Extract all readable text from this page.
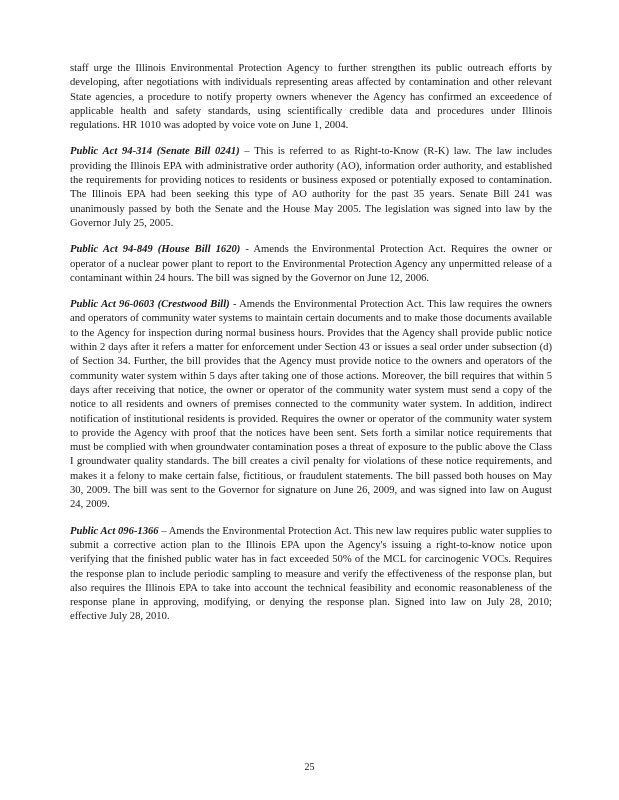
staff urge the Illinois Environmental Protection Agency to further strengthen its public outreach efforts by developing, after negotiations with individuals representing areas affected by contamination and other relevant State agencies, a procedure to notify property owners whenever the Agency has confirmed an exceedence of applicable health and safety standards, using scientifically credible data and procedures under Illinois regulations. HR 1010 was adopted by voice vote on June 1, 2004.

Public Act 94-314 (Senate Bill 0241) – This is referred to as Right-to-Know (R-K) law. The law includes providing the Illinois EPA with administrative order authority (AO), information order authority, and established the requirements for providing notices to residents or business exposed or potentially exposed to contamination. The Illinois EPA had been seeking this type of AO authority for the past 35 years. Senate Bill 241 was unanimously passed by both the Senate and the House May 2005. The legislation was signed into law by the Governor July 25, 2005.

Public Act 94-849 (House Bill 1620) - Amends the Environmental Protection Act. Requires the owner or operator of a nuclear power plant to report to the Environmental Protection Agency any unpermitted release of a contaminant within 24 hours. The bill was signed by the Governor on June 12, 2006.

Public Act 96-0603 (Crestwood Bill) - Amends the Environmental Protection Act. This law requires the owners and operators of community water systems to maintain certain documents and to make those documents available to the Agency for inspection during normal business hours. Provides that the Agency shall provide public notice within 2 days after it refers a matter for enforcement under Section 43 or issues a seal order under subsection (d) of Section 34. Further, the bill provides that the Agency must provide notice to the owners and operators of the community water system within 5 days after taking one of those actions. Moreover, the bill requires that within 5 days after receiving that notice, the owner or operator of the community water system must send a copy of the notice to all residents and owners of premises connected to the community water system. In addition, indirect notification of institutional residents is provided. Requires the owner or operator of the community water system to provide the Agency with proof that the notices have been sent. Sets forth a similar notice requirements that must be complied with when groundwater contamination poses a threat of exposure to the public above the Class I groundwater quality standards. The bill creates a civil penalty for violations of these notice requirements, and makes it a felony to make certain false, fictitious, or fraudulent statements. The bill passed both houses on May 30, 2009. The bill was sent to the Governor for signature on June 26, 2009, and was signed into law on August 24, 2009.

Public Act 096-1366 – Amends the Environmental Protection Act. This new law requires public water supplies to submit a corrective action plan to the Illinois EPA upon the Agency's issuing a right-to-know notice upon verifying that the finished public water has in fact exceeded 50% of the MCL for carcinogenic VOCs. Requires the response plan to include periodic sampling to measure and verify the effectiveness of the response plan, but also requires the Illinois EPA to take into account the technical feasibility and economic reasonableness of the response plane in approving, modifying, or denying the response plan. Signed into law on July 28, 2010; effective July 28, 2010.

25
